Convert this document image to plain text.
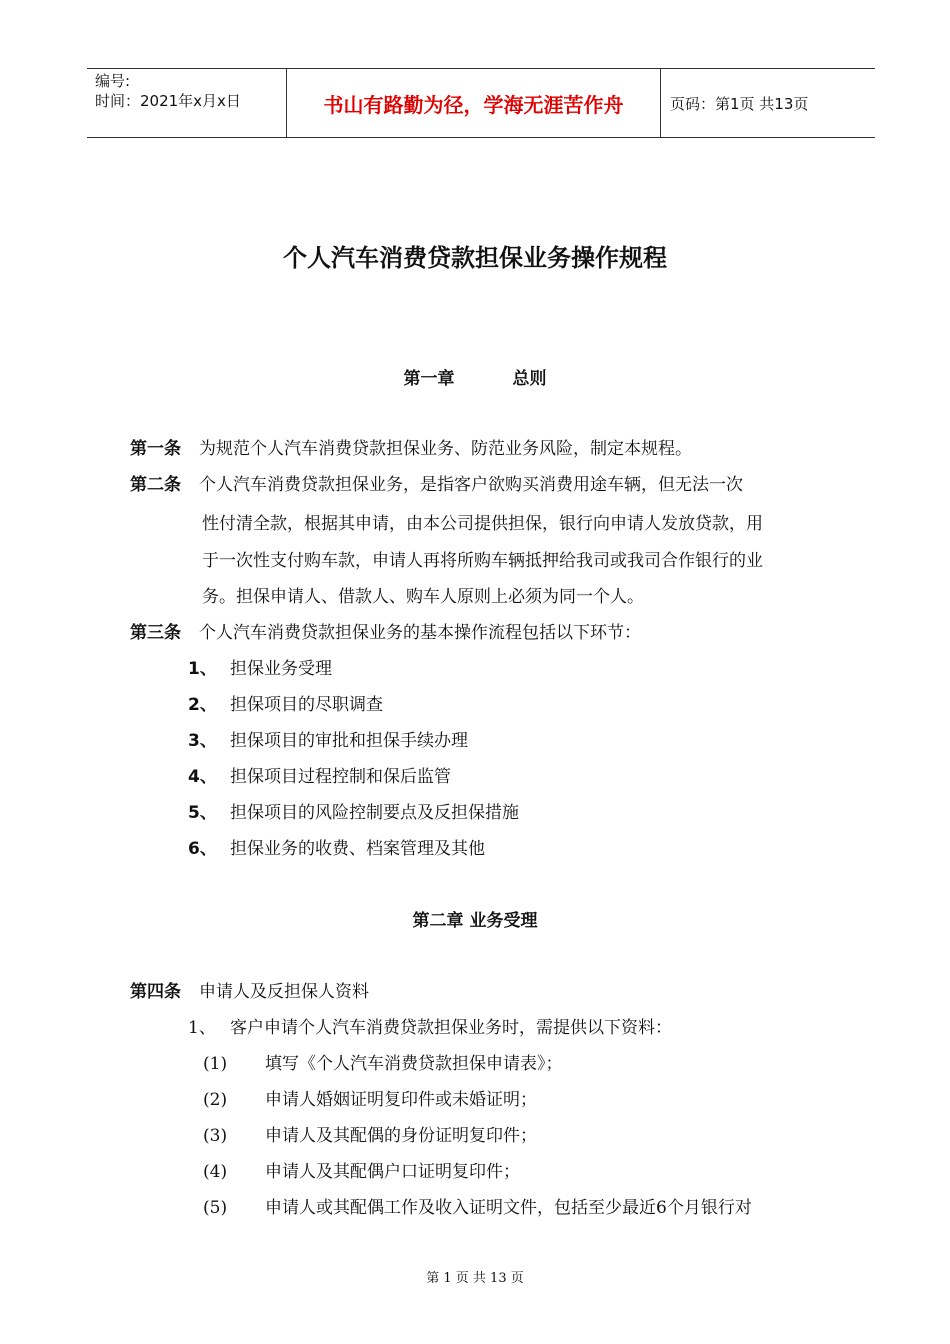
编号:
时间：2021年x月x日	书山有路勤为径，学海无涯苦作舟	页码：第1页 共13页
个人汽车消费贷款担保业务操作规程
第一章	总则
第一条 为规范个人汽车消费贷款担保业务、防范业务风险，制定本规程。
第二条 个人汽车消费贷款担保业务，是指客户欲购买消费用途车辆，但无法一次
性付清全款，根据其申请，由本公司提供担保，银行向申请人发放贷款，用
于一次性支付购车款，申请人再将所购车辆抵押给我司或我司合作银行的业
务。担保申请人、借款人、购车人原则上必须为同一个人。
第三条 个人汽车消费贷款担保业务的基本操作流程包括以下环节：
1、 担保业务受理
2、 担保项目的尽职调查
3、 担保项目的审批和担保手续办理
4、 担保项目过程控制和保后监管
5、 担保项目的风险控制要点及反担保措施
6、 担保业务的收费、档案管理及其他
第二章 业务受理
第四条 申请人及反担保人资料
1、 客户申请个人汽车消费贷款担保业务时，需提供以下资料：
(1) 填写《个人汽车消费贷款担保申请表》；
(2) 申请人婚姻证明复印件或未婚证明；
(3) 申请人及其配偶的身份证明复印件；
(4) 申请人及其配偶户口证明复印件；
(5) 申请人或其配偶工作及收入证明文件，包括至少最近6个月银行对
第 1 页 共 13 页
